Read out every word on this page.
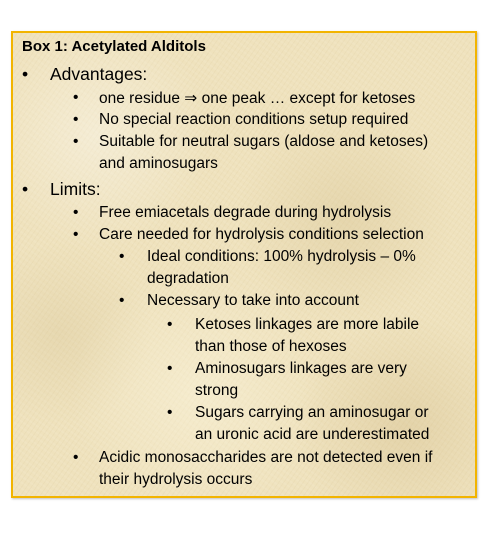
Box 1: Acetylated Alditols
• Advantages:
• one residue ⇒ one peak … except for ketoses
• No special reaction conditions setup required
• Suitable for neutral sugars (aldose and ketoses)
and aminosugars
• Limits:
• Free emiacetals degrade during hydrolysis
• Care needed for hydrolysis conditions selection
• Ideal conditions: 100% hydrolysis – 0%
degradation
• Necessary to take into account
• Ketoses linkages are more labile
than those of hexoses
• Aminosugars linkages are very
strong
• Sugars carrying an aminosugar or
an uronic acid are underestimated
• Acidic monosaccharides are not detected even if
their hydrolysis occurs
